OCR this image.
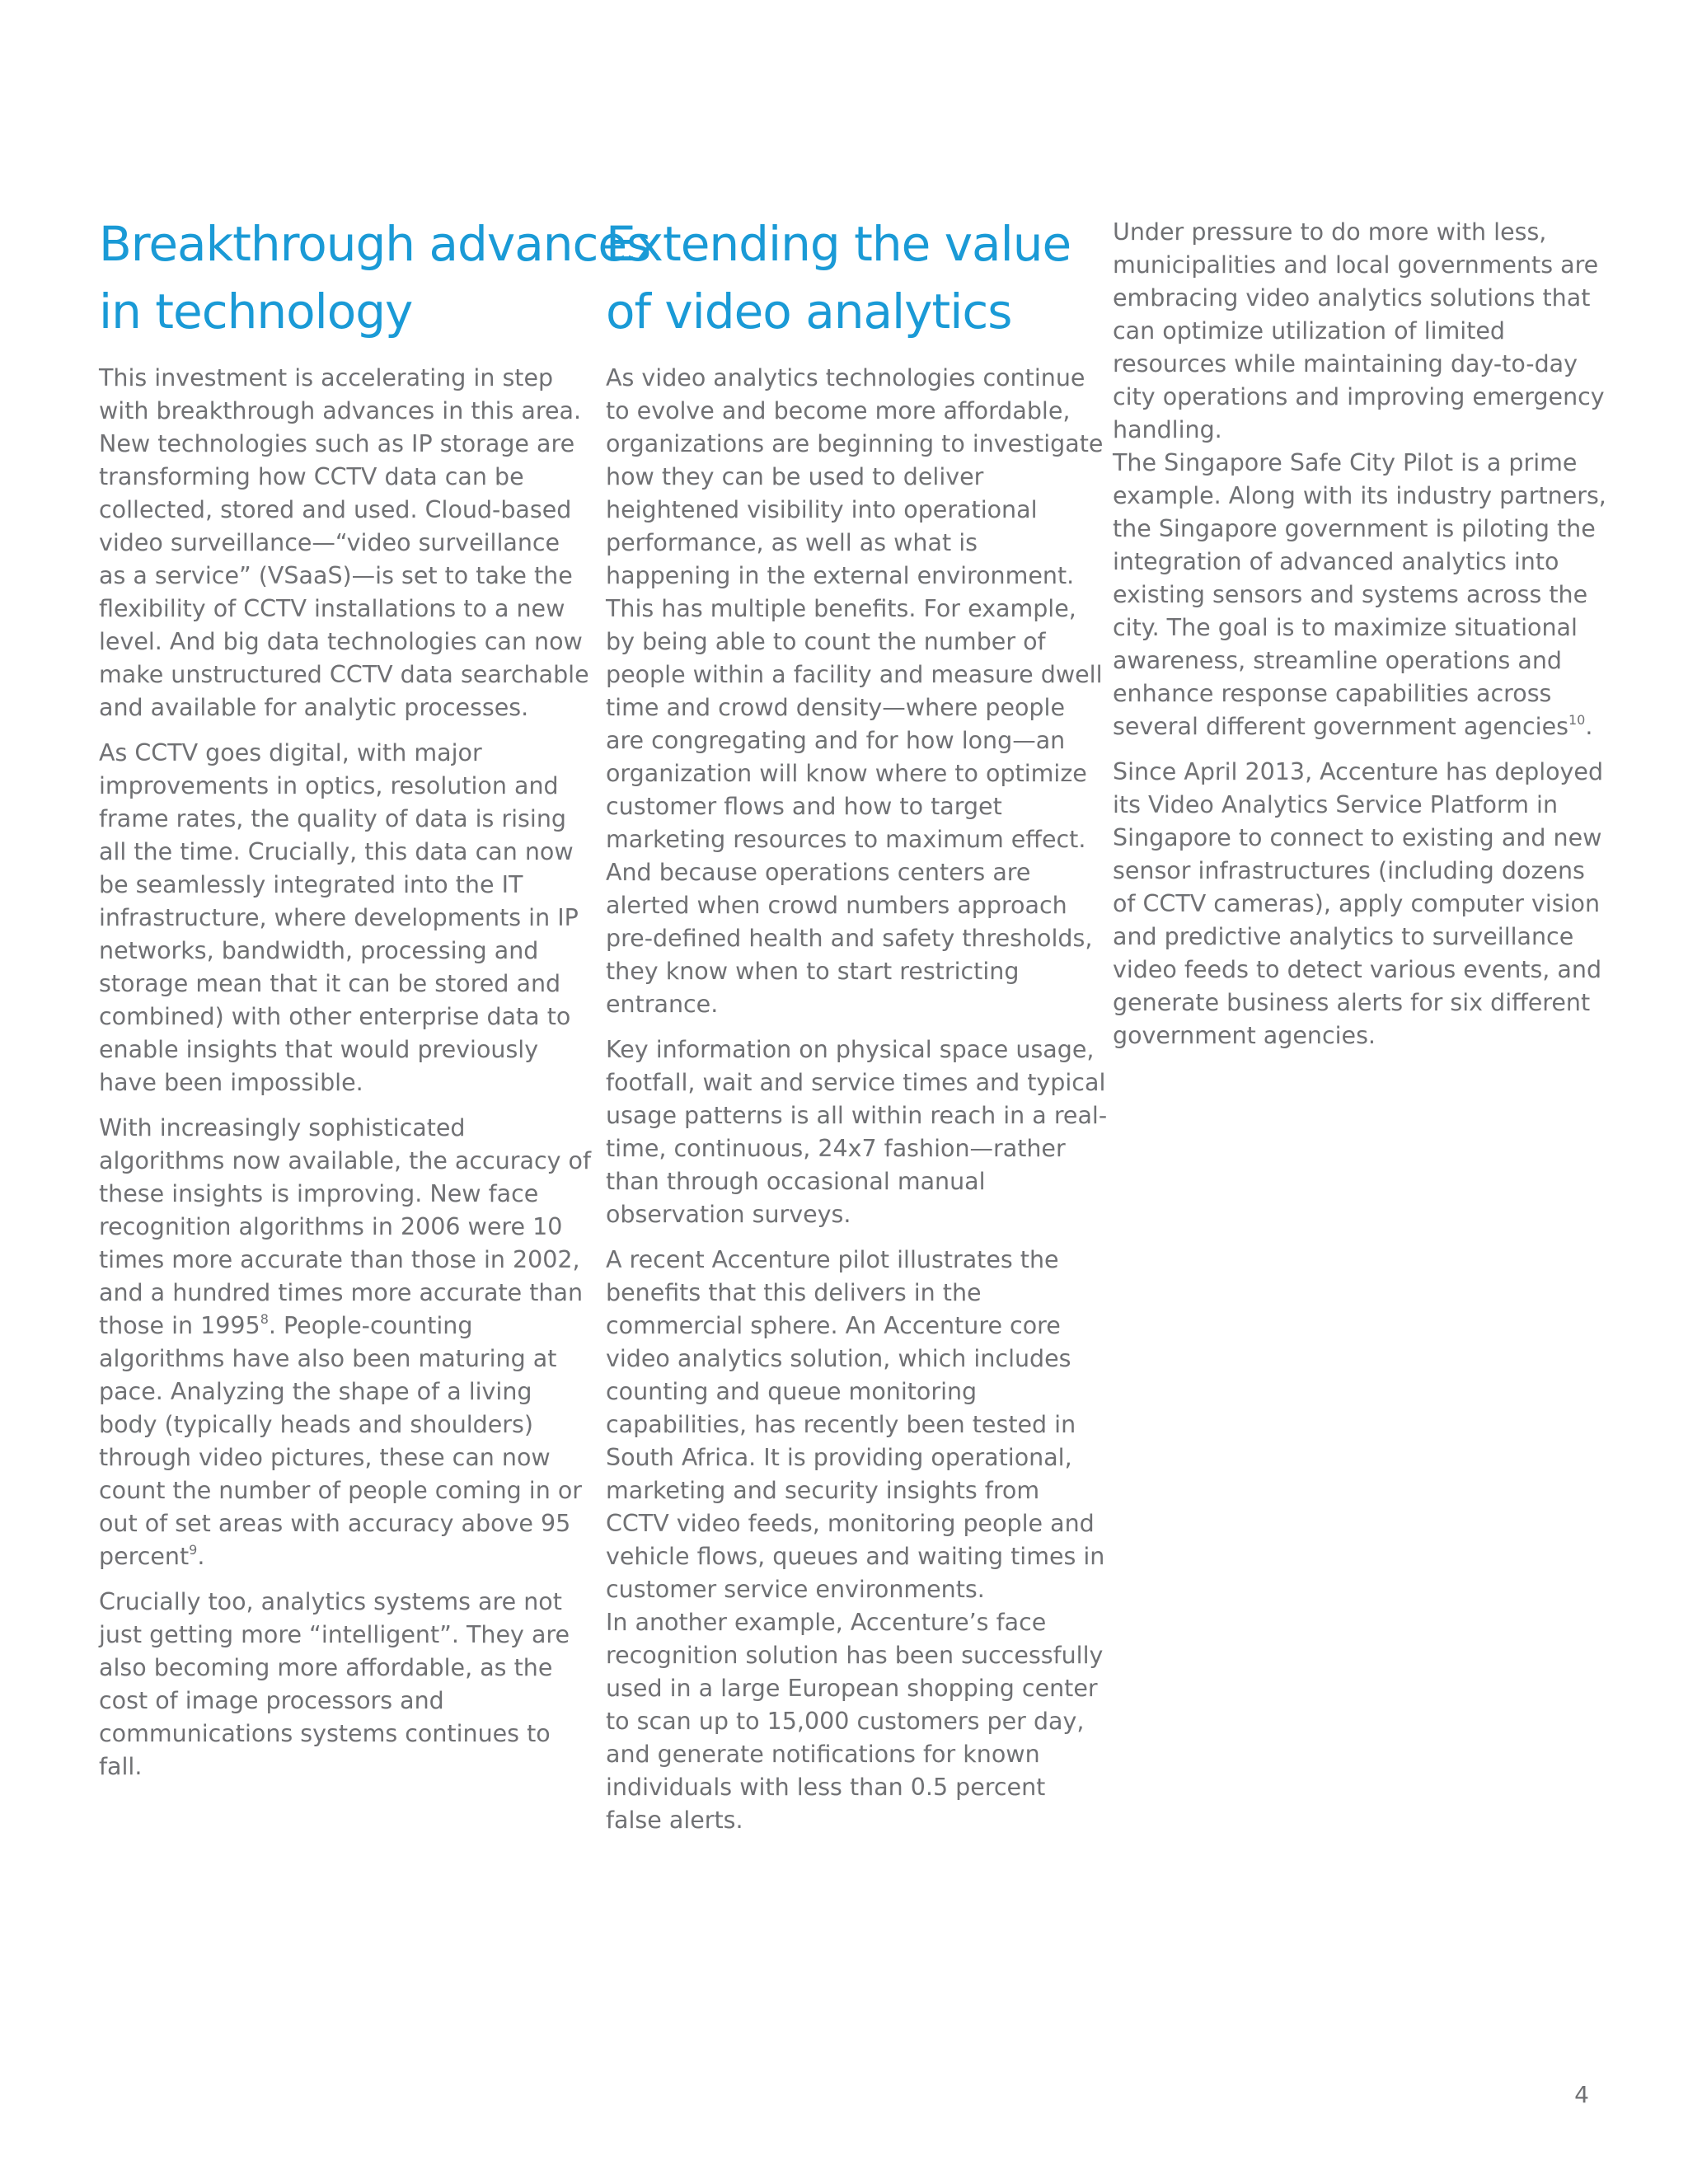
Breakthrough advances
in technology

This investment is accelerating in step with breakthrough advances in this area. New technologies such as IP storage are transforming how CCTV data can be collected, stored and used. Cloud-based video surveillance—“video surveillance as a service” (VSaaS)—is set to take the flexibility of CCTV installations to a new level. And big data technologies can now make unstructured CCTV data searchable and available for analytic processes.

As CCTV goes digital, with major improvements in optics, resolution and frame rates, the quality of data is rising all the time. Crucially, this data can now be seamlessly integrated into the IT infrastructure, where developments in IP networks, bandwidth, processing and storage mean that it can be stored and combined) with other enterprise data to enable insights that would previously have been impossible.

With increasingly sophisticated algorithms now available, the accuracy of these insights is improving. New face recognition algorithms in 2006 were 10 times more accurate than those in 2002, and a hundred times more accurate than those in 1995$^8$. People-counting algorithms have also been maturing at pace. Analyzing the shape of a living body (typically heads and shoulders) through video pictures, these can now count the number of people coming in or out of set areas with accuracy above 95 percent$^9$.

Crucially too, analytics systems are not just getting more “intelligent”. They are also becoming more affordable, as the cost of image processors and communications systems continues to fall.

Extending the value
of video analytics

As video analytics technologies continue to evolve and become more affordable, organizations are beginning to investigate how they can be used to deliver heightened visibility into operational performance, as well as what is happening in the external environment. This has multiple benefits. For example, by being able to count the number of people within a facility and measure dwell time and crowd density—where people are congregating and for how long—an organization will know where to optimize customer flows and how to target marketing resources to maximum effect. And because operations centers are alerted when crowd numbers approach pre-defined health and safety thresholds, they know when to start restricting entrance.

Key information on physical space usage, footfall, wait and service times and typical usage patterns is all within reach in a real-time, continuous, 24x7 fashion—rather than through occasional manual observation surveys.

A recent Accenture pilot illustrates the benefits that this delivers in the commercial sphere. An Accenture core video analytics solution, which includes counting and queue monitoring capabilities, has recently been tested in South Africa. It is providing operational, marketing and security insights from CCTV video feeds, monitoring people and vehicle flows, queues and waiting times in customer service environments.

In another example, Accenture’s face recognition solution has been successfully used in a large European shopping center to scan up to 15,000 customers per day, and generate notifications for known individuals with less than 0.5 percent false alerts.

Under pressure to do more with less, municipalities and local governments are embracing video analytics solutions that can optimize utilization of limited resources while maintaining day-to-day city operations and improving emergency handling.

The Singapore Safe City Pilot is a prime example. Along with its industry partners, the Singapore government is piloting the integration of advanced analytics into existing sensors and systems across the city. The goal is to maximize situational awareness, streamline operations and enhance response capabilities across several different government agencies$^{10}$.

Since April 2013, Accenture has deployed its Video Analytics Service Platform in Singapore to connect to existing and new sensor infrastructures (including dozens of CCTV cameras), apply computer vision and predictive analytics to surveillance video feeds to detect various events, and generate business alerts for six different government agencies.

4
